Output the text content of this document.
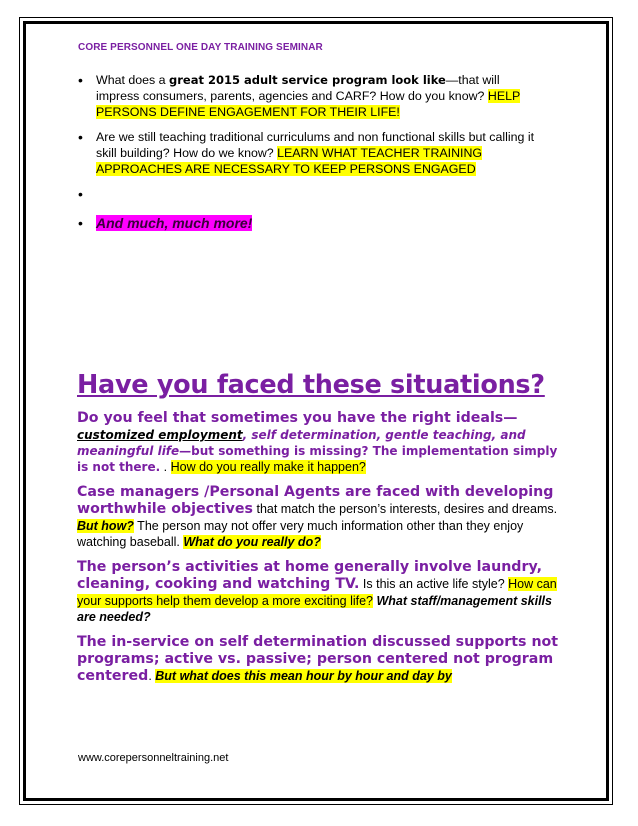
CORE PERSONNEL ONE DAY TRAINING SEMINAR
• What does a great 2015 adult service program look like—that will impress consumers, parents, agencies and CARF? How do you know? HELP PERSONS DEFINE ENGAGEMENT FOR THEIR LIFE!
• Are we still teaching traditional curriculums and non functional skills but calling it skill building? How do we know? LEARN WHAT TEACHER TRAINING APPROACHES ARE NECESSARY TO KEEP PERSONS ENGAGED
•
• And much, much more!
Have you faced these situations?

Do you feel that sometimes you have the right ideals—customized employment, self determination, gentle teaching, and meaningful life—but something is missing? The implementation simply is not there. . How do you really make it happen?

Case managers /Personal Agents are faced with developing worthwhile objectives that match the person’s interests, desires and dreams. But how? The person may not offer very much information other than they enjoy watching baseball. What do you really do?

The person’s activities at home generally involve laundry, cleaning, cooking and watching TV. Is this an active life style? How can your supports help them develop a more exciting life? What staff/management skills are needed?

The in-service on self determination discussed supports not programs; active vs. passive; person centered not program centered. But what does this mean hour by hour and day by

www.corepersonneltraining.net
